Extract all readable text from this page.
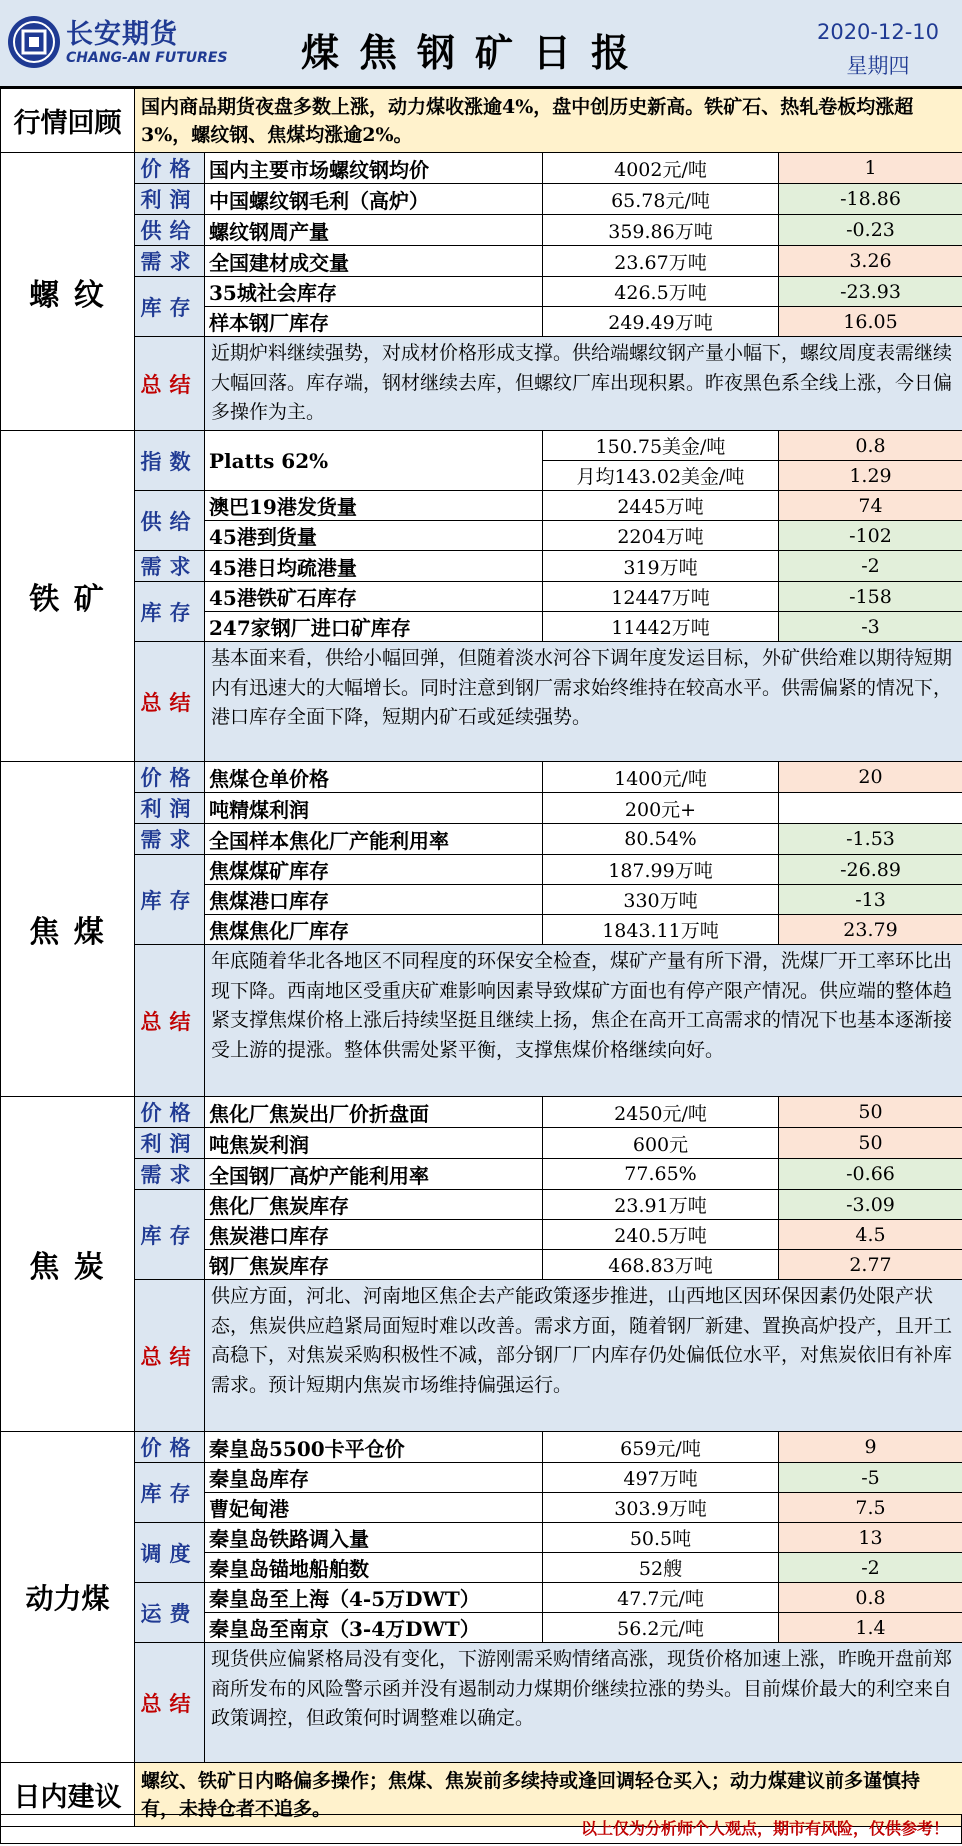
长安期货
CHANG-AN FUTURES	煤焦钢矿日报	2020-12-10
星期四
行情回顾	国内商品期货夜盘多数上涨，动力煤收涨逾4%，盘中创历史新高。铁矿石、热轧卷板均涨超3%，螺纹钢、焦煤均涨逾2%。			
螺 纹	价格	国内主要市场螺纹钢均价	4002元/吨	1
	利润	中国螺纹钢毛利（高炉）	65.78元/吨	-18.86
	供给	螺纹钢周产量	359.86万吨	-0.23
	需求	全国建材成交量	23.67万吨	3.26
	库存	35城社会库存	426.5万吨	-23.93
		样本钢厂库存	249.49万吨	16.05
	总结	近期炉料继续强势，对成材价格形成支撑。供给端螺纹钢产量小幅下，螺纹周度表需继续大幅回落。库存端，钢材继续去库，但螺纹厂库出现积累。昨夜黑色系全线上涨，今日偏多操作为主。		
铁 矿	指数	Platts 62%	150.75美金/吨	0.8
			月均143.02美金/吨	1.29
	供给	澳巴19港发货量	2445万吨	74
		45港到货量	2204万吨	-102
	需求	45港日均疏港量	319万吨	-2
	库存	45港铁矿石库存	12447万吨	-158
		247家钢厂进口矿库存	11442万吨	-3
	总结	基本面来看，供给小幅回弹，但随着淡水河谷下调年度发运目标，外矿供给难以期待短期内有迅速大的大幅增长。同时注意到钢厂需求始终维持在较高水平。供需偏紧的情况下，港口库存全面下降，短期内矿石或延续强势。		
焦 煤	价格	焦煤仓单价格	1400元/吨	20
	利润	吨精煤利润	200元+	
	需求	全国样本焦化厂产能利用率	80.54%	-1.53
	库存	焦煤煤矿库存	187.99万吨	-26.89
		焦煤港口库存	330万吨	-13
		焦煤焦化厂库存	1843.11万吨	23.79
	总结	年底随着华北各地区不同程度的环保安全检查，煤矿产量有所下滑，洗煤厂开工率环比出现下降。西南地区受重庆矿难影响因素导致煤矿方面也有停产限产情况。供应端的整体趋紧支撑焦煤价格上涨后持续坚挺且继续上扬，焦企在高开工高需求的情况下也基本逐渐接受上游的提涨。整体供需处紧平衡，支撑焦煤价格继续向好。		
焦 炭	价格	焦化厂焦炭出厂价折盘面	2450元/吨	50
	利润	吨焦炭利润	600元	50
	需求	全国钢厂高炉产能利用率	77.65%	-0.66
	库存	焦化厂焦炭库存	23.91万吨	-3.09
		焦炭港口库存	240.5万吨	4.5
		钢厂焦炭库存	468.83万吨	2.77
	总结	供应方面，河北、河南地区焦企去产能政策逐步推进，山西地区因环保因素仍处限产状态，焦炭供应趋紧局面短时难以改善。需求方面，随着钢厂新建、置换高炉投产，且开工高稳下，对焦炭采购积极性不减，部分钢厂厂内库存仍处偏低位水平，对焦炭依旧有补库需求。预计短期内焦炭市场维持偏强运行。		
动力煤	价格	秦皇岛5500卡平仓价	659元/吨	9
	库存	秦皇岛库存	497万吨	-5
		曹妃甸港	303.9万吨	7.5
	调度	秦皇岛铁路调入量	50.5吨	13
		秦皇岛锚地船舶数	52艘	-2
	运费	秦皇岛至上海（4-5万DWT）	47.7元/吨	0.8
		秦皇岛至南京（3-4万DWT）	56.2元/吨	1.4
	总结	现货供应偏紧格局没有变化，下游刚需采购情绪高涨，现货价格加速上涨，昨晚开盘前郑商所发布的风险警示函并没有遏制动力煤期价继续拉涨的势头。目前煤价最大的利空来自政策调控，但政策何时调整难以确定。		
日内建议	螺纹、铁矿日内略偏多操作；焦煤、焦炭前多续持或逢回调轻仓买入；动力煤建议前多谨慎持有，未持仓者不追多。			
以上仅为分析师个人观点，期市有风险，仅供参考！
